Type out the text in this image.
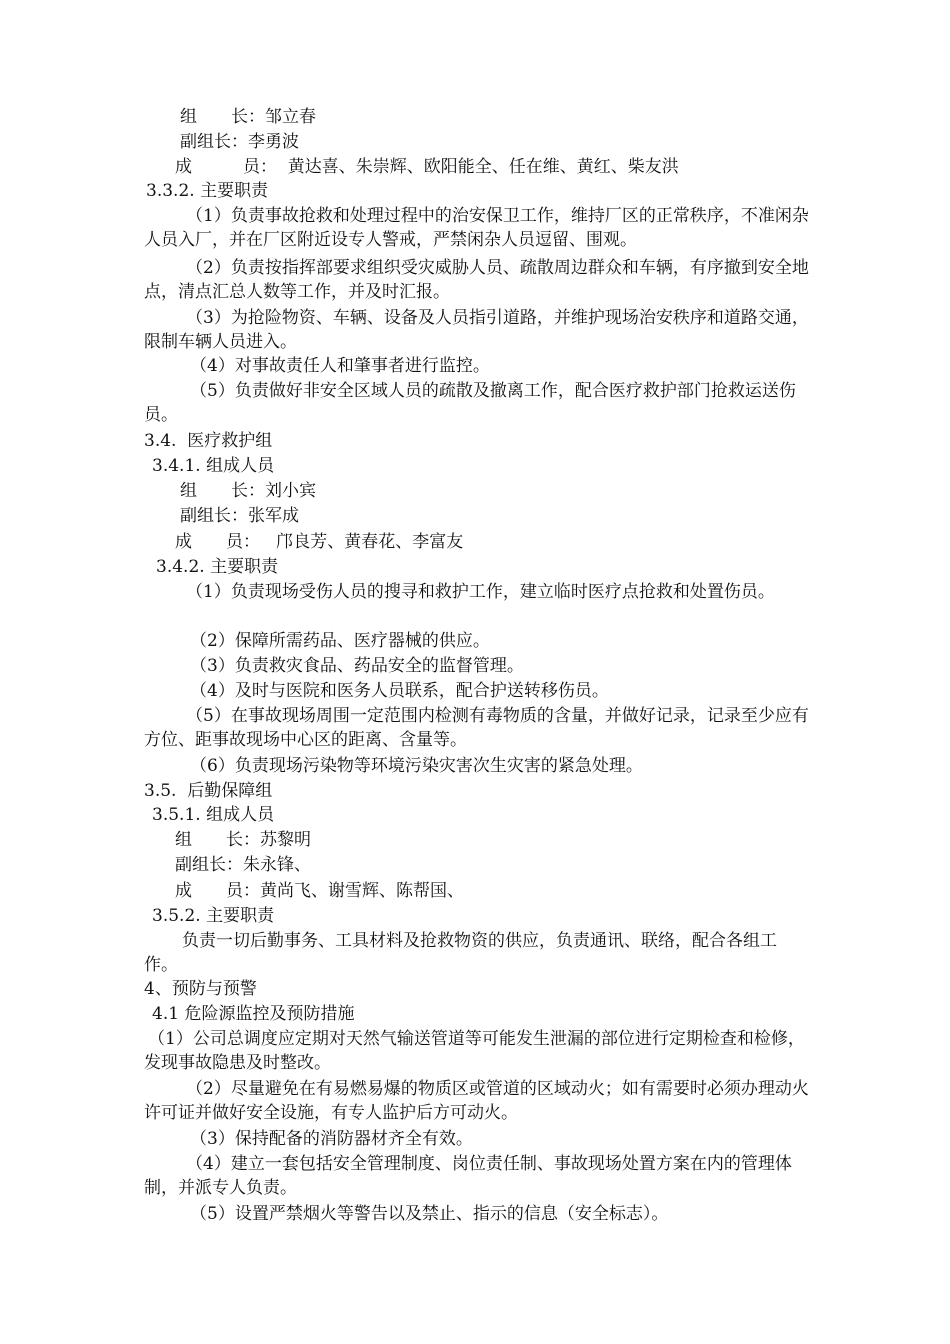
组　　长：邹立春
副组长：李勇波
成　　　员：  黄达喜、朱崇辉、欧阳能全、任在维、黄红、柴友洪
3.3.2. 主要职责
（1）负责事故抢救和处理过程中的治安保卫工作，维持厂区的正常秩序，不准闲杂人员入厂，并在厂区附近设专人警戒，严禁闲杂人员逗留、围观。
（2）负责按指挥部要求组织受灾威胁人员、疏散周边群众和车辆，有序撤到安全地点，清点汇总人数等工作，并及时汇报。
（3）为抢险物资、车辆、设备及人员指引道路，并维护现场治安秩序和道路交通，限制车辆人员进入。
（4）对事故责任人和肇事者进行监控。
（5）负责做好非安全区域人员的疏散及撤离工作，配合医疗救护部门抢救运送伤员。
3.4.  医疗救护组
3.4.1. 组成人员
组　　长：刘小宾
副组长：张军成
成　　员：   邝良芳、黄春花、李富友
3.4.2. 主要职责
（1）负责现场受伤人员的搜寻和救护工作，建立临时医疗点抢救和处置伤员。
（2）保障所需药品、医疗器械的供应。
（3）负责救灾食品、药品安全的监督管理。
（4）及时与医院和医务人员联系，配合护送转移伤员。
（5）在事故现场周围一定范围内检测有毒物质的含量，并做好记录，记录至少应有方位、距事故现场中心区的距离、含量等。
（6）负责现场污染物等环境污染灾害次生灾害的紧急处理。
3.5.  后勤保障组
3.5.1. 组成人员
组　　长：苏黎明
副组长：朱永锋、
成　　员：黄尚飞、谢雪辉、陈帮国、
3.5.2. 主要职责
负责一切后勤事务、工具材料及抢救物资的供应，负责通讯、联络，配合各组工作。
4、预防与预警
4.1 危险源监控及预防措施
（1）公司总调度应定期对天然气输送管道等可能发生泄漏的部位进行定期检查和检修，发现事故隐患及时整改。
（2）尽量避免在有易燃易爆的物质区或管道的区域动火；如有需要时必须办理动火许可证并做好安全设施，有专人监护后方可动火。
（3）保持配备的消防器材齐全有效。
（4）建立一套包括安全管理制度、岗位责任制、事故现场处置方案在内的管理体制，并派专人负责。
（5）设置严禁烟火等警告以及禁止、指示的信息（安全标志）。
